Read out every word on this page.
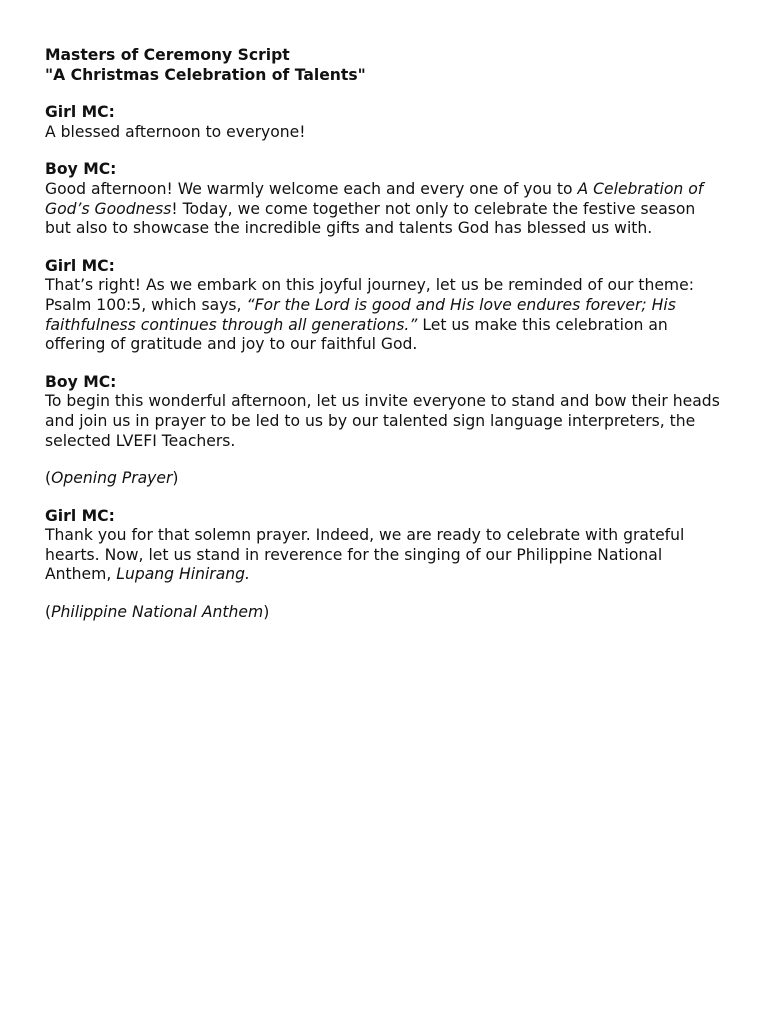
Masters of Ceremony Script

"A Christmas Celebration of Talents"

Girl MC:

A blessed afternoon to everyone!

Boy MC:

Good afternoon! We warmly welcome each and every one of you to A Celebration of God’s Goodness! Today, we come together not only to celebrate the festive season but also to showcase the incredible gifts and talents God has blessed us with.

Girl MC:

That’s right! As we embark on this joyful journey, let us be reminded of our theme: Psalm 100:5, which says, “For the Lord is good and His love endures forever; His faithfulness continues through all generations.” Let us make this celebration an offering of gratitude and joy to our faithful God.

Boy MC:

To begin this wonderful afternoon, let us invite everyone to stand and bow their heads and join us in prayer to be led to us by our talented sign language interpreters, the selected LVEFI Teachers.

(Opening Prayer)

Girl MC:

Thank you for that solemn prayer. Indeed, we are ready to celebrate with grateful hearts. Now, let us stand in reverence for the singing of our Philippine National Anthem, Lupang Hinirang.

(Philippine National Anthem)
